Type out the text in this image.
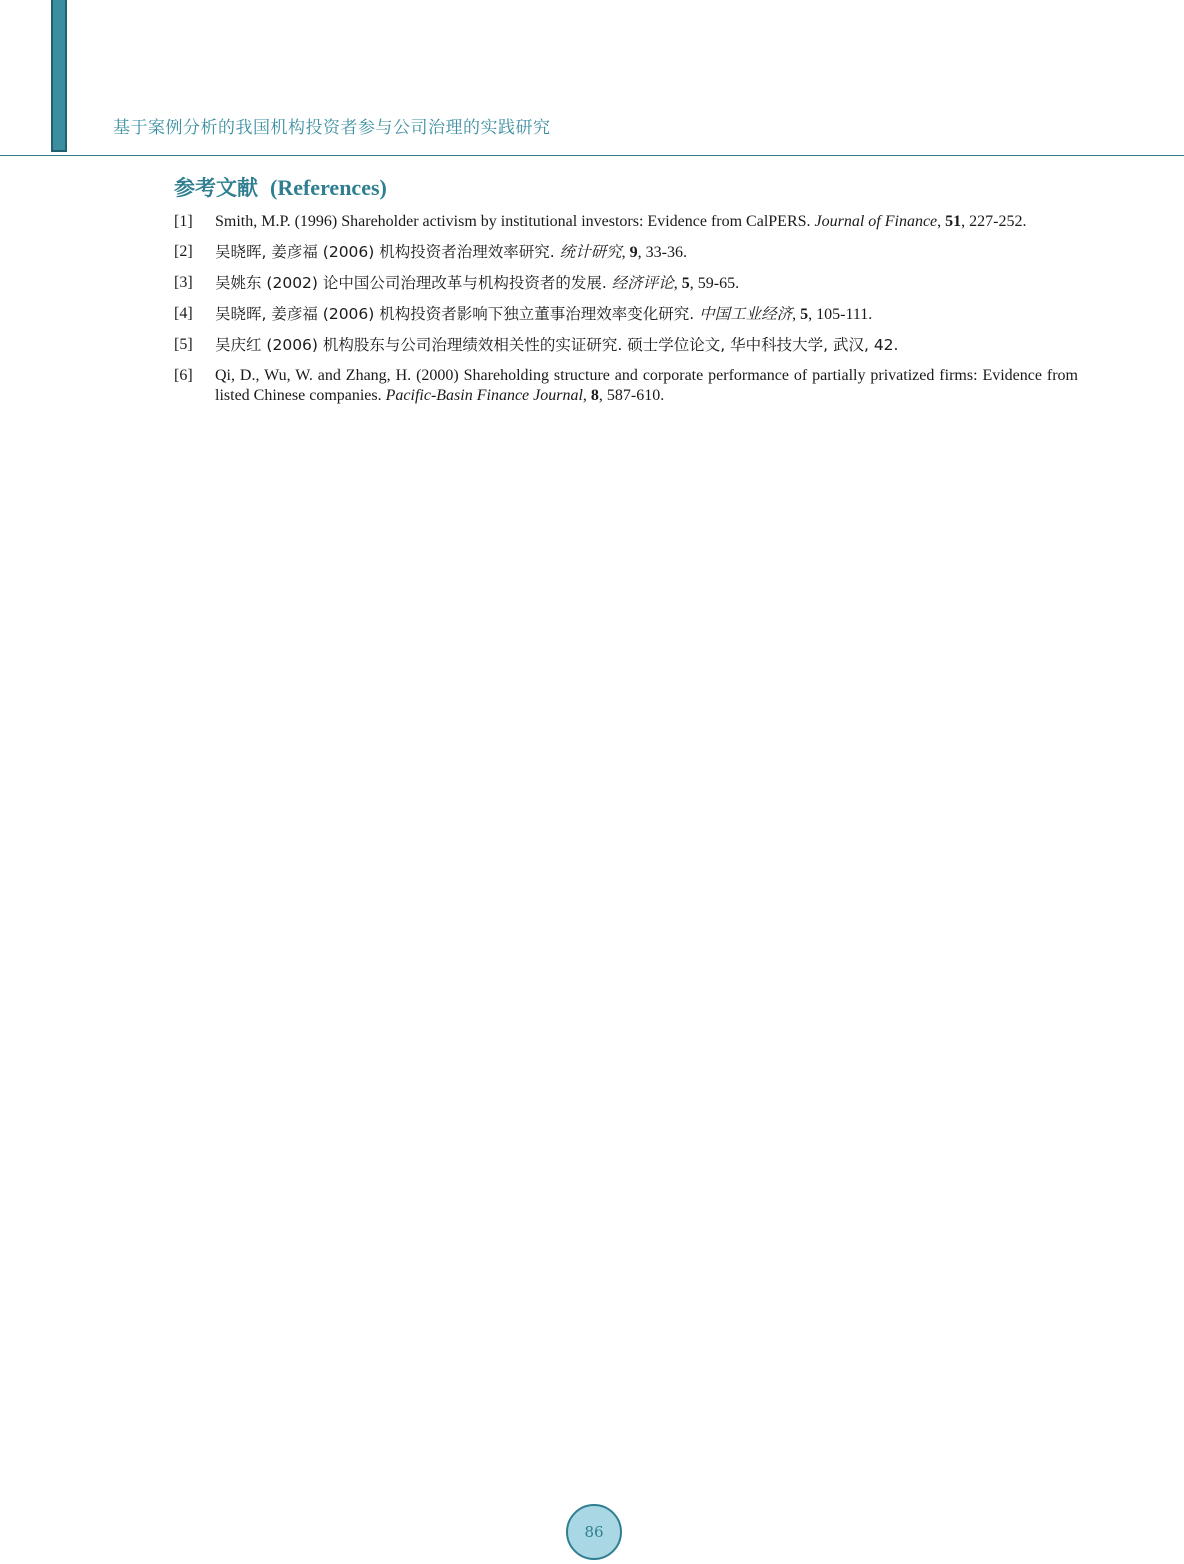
基于案例分析的我国机构投资者参与公司治理的实践研究
参考文献 (References)
[1]	Smith, M.P. (1996) Shareholder activism by institutional investors: Evidence from CalPERS. Journal of Finance, 51, 227-252.
[2]	吴晓晖, 姜彦福 (2006) 机构投资者治理效率研究. 统计研究, 9, 33-36.
[3]	吴姚东 (2002) 论中国公司治理改革与机构投资者的发展. 经济评论, 5, 59-65.
[4]	吴晓晖, 姜彦福 (2006) 机构投资者影响下独立董事治理效率变化研究. 中国工业经济, 5, 105-111.
[5]	吴庆红 (2006) 机构股东与公司治理绩效相关性的实证研究. 硕士学位论文, 华中科技大学, 武汉, 42.
[6]	Qi, D., Wu, W. and Zhang, H. (2000) Shareholding structure and corporate performance of partially privatized firms: Evidence from listed Chinese companies. Pacific-Basin Finance Journal, 8, 587-610.
86
